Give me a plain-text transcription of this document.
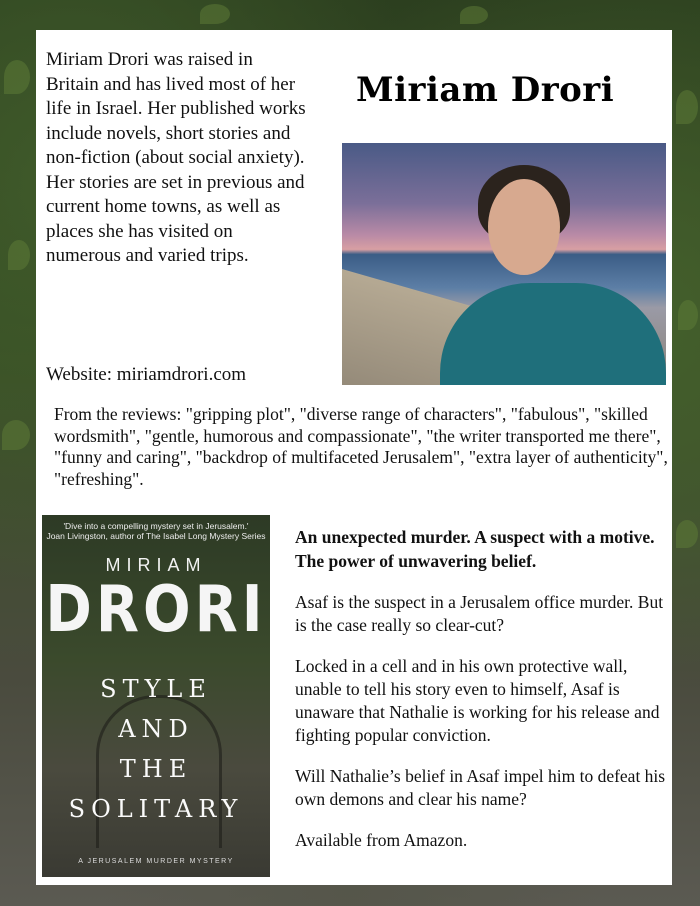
Miriam Drori was raised in Britain and has lived most of her life in Israel. Her published works include novels, short stories and non-fiction (about social anxiety). Her stories are set in previous and current home towns, as well as places she has visited on numerous and varied trips.

Website: miriamdrori.com

Miriam Drori

From the reviews: "gripping plot", "diverse range of characters", "fabulous", "skilled wordsmith", "gentle, humorous and compassionate", "the writer transported me there", "funny and caring", "backdrop of multifaceted Jerusalem", "extra layer of authenticity", "refreshing".

'Dive into a compelling mystery set in Jerusalem.'
Joan Livingston, author of The Isabel Long Mystery Series
MIRIAM
DRORI
STYLE
AND
THE
SOLITARY
A JERUSALEM MURDER MYSTERY

An unexpected murder. A suspect with a motive. The power of unwavering belief.

Asaf is the suspect in a Jerusalem office murder. But is the case really so clear-cut?

Locked in a cell and in his own protective wall, unable to tell his story even to himself, Asaf is unaware that Nathalie is working for his release and fighting popular conviction.

Will Nathalie’s belief in Asaf impel him to defeat his own demons and clear his name?

Available from Amazon.
